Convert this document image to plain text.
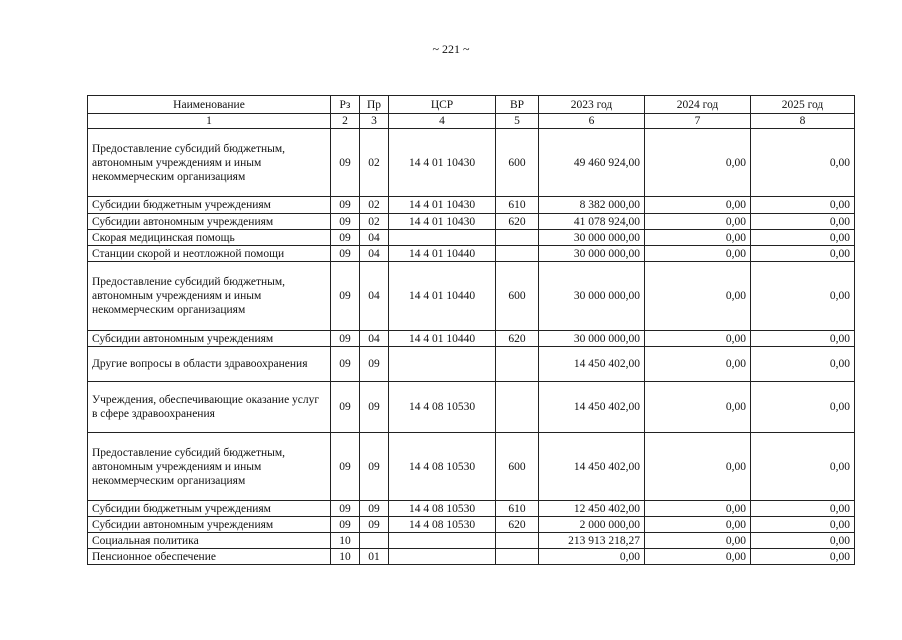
~ 221 ~
Наименование	Рз	Пр	ЦСР	ВР	2023 год	2024 год	2025 год
1	2	3	4	5	6	7	8
Предоставление субсидий бюджетным, автономным учреждениям и иным некоммерческим организациям	09	02	14 4 01 10430	600	49 460 924,00	0,00	0,00
Субсидии бюджетным учреждениям	09	02	14 4 01 10430	610	8 382 000,00	0,00	0,00
Субсидии автономным учреждениям	09	02	14 4 01 10430	620	41 078 924,00	0,00	0,00
Скорая медицинская помощь	09	04			30 000 000,00	0,00	0,00
Станции скорой и неотложной помощи	09	04	14 4 01 10440		30 000 000,00	0,00	0,00
Предоставление субсидий бюджетным, автономным учреждениям и иным некоммерческим организациям	09	04	14 4 01 10440	600	30 000 000,00	0,00	0,00
Субсидии автономным учреждениям	09	04	14 4 01 10440	620	30 000 000,00	0,00	0,00
Другие вопросы в области здравоохранения	09	09			14 450 402,00	0,00	0,00
Учреждения, обеспечивающие оказание услуг в сфере здравоохранения	09	09	14 4 08 10530		14 450 402,00	0,00	0,00
Предоставление субсидий бюджетным, автономным учреждениям и иным некоммерческим организациям	09	09	14 4 08 10530	600	14 450 402,00	0,00	0,00
Субсидии бюджетным учреждениям	09	09	14 4 08 10530	610	12 450 402,00	0,00	0,00
Субсидии автономным учреждениям	09	09	14 4 08 10530	620	2 000 000,00	0,00	0,00
Социальная политика	10				213 913 218,27	0,00	0,00
Пенсионное обеспечение	10	01			0,00	0,00	0,00
